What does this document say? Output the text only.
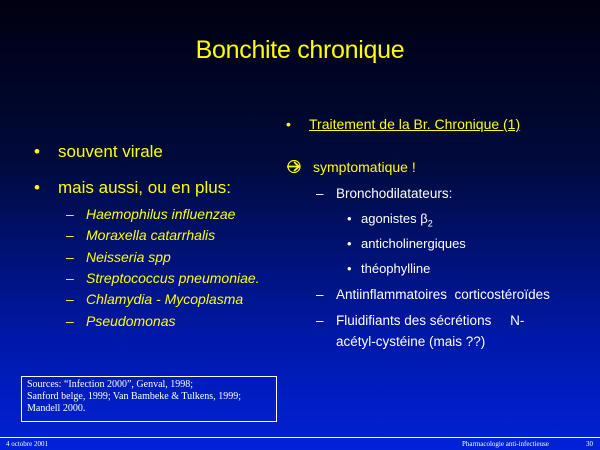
Bonchite chronique
• souvent virale
• mais aussi, ou en plus:
– Haemophilus influenzae
– Moraxella catarrhalis
– Neisseria spp
– Streptococcus pneumoniae.
– Chlamydia - Mycoplasma
– Pseudomonas
• Traitement de la Br. Chronique (1)
symptomatique !
– Bronchodilatateurs:
• agonistes $\beta_2$
• anticholinergiques
• théophylline
– Antiinflammatoires  corticostéroïdes
– Fluidifiants des sécrétions     N-
acétyl-cystéine (mais ??)
Sources: “Infection 2000”, Genval, 1998;
Sanford belge, 1999; Van Bambeke & Tulkens, 1999;
Mandell 2000.
4 octobre 2001	Pharmacologie anti-infectieuse	30
